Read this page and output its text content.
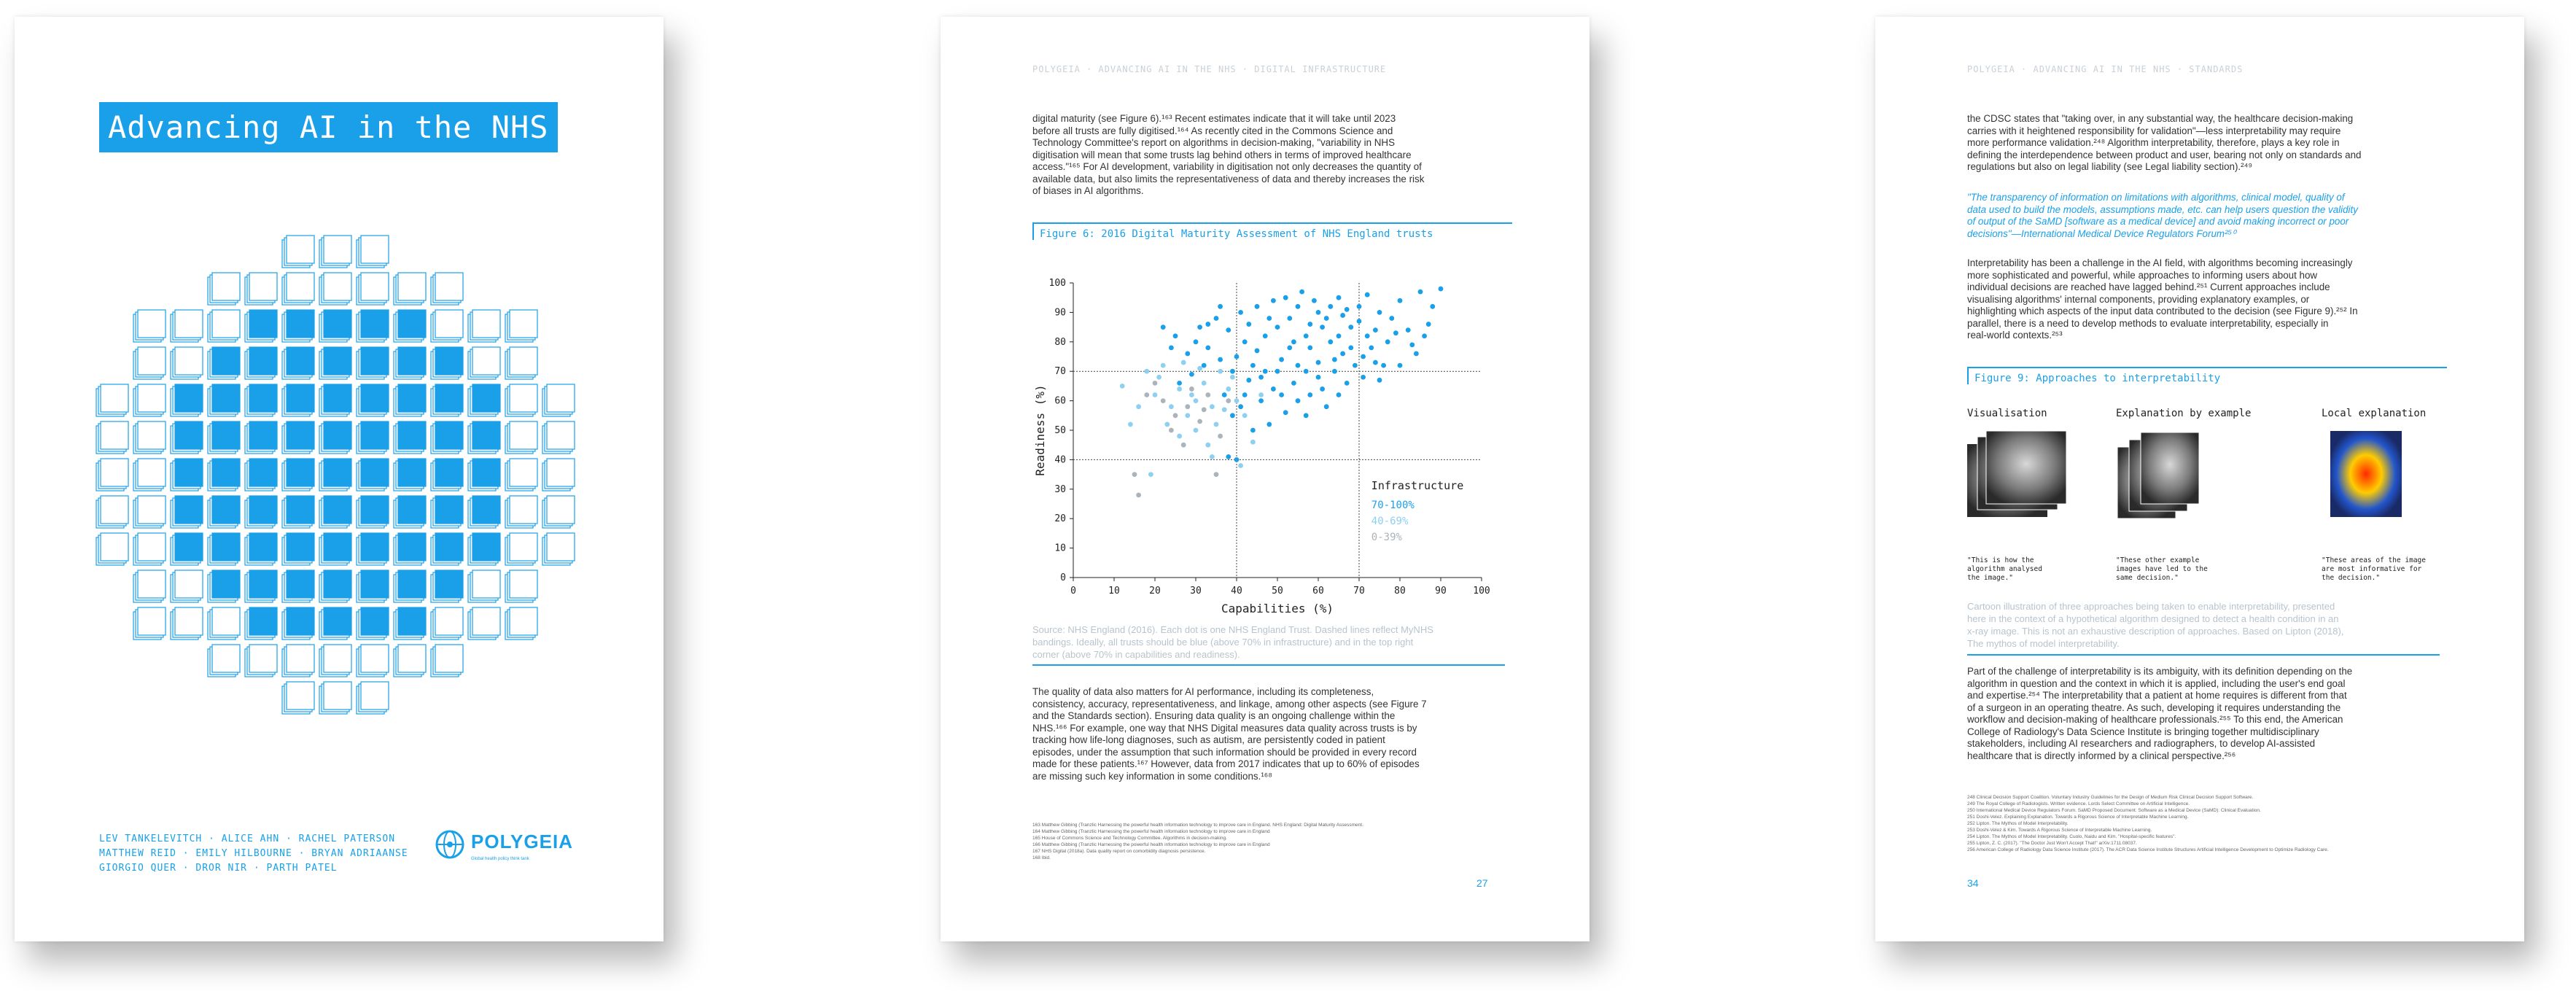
Advancing AI in the NHS
LEV TANKELEVITCH · ALICE AHN · RACHEL PATERSON
MATTHEW REID · EMILY HILBOURNE · BRYAN ADRIAANSE
GIORGIO QUER · DROR NIR · PARTH PATEL
POLYGEIA
Global health policy think tank
POLYGEIA · ADVANCING AI IN THE NHS · DIGITAL INFRASTRUCTURE
digital maturity (see Figure 6).¹⁶³ Recent estimates indicate that it will take until 2023
before all trusts are fully digitised.¹⁶⁴ As recently cited in the Commons Science and
Technology Committee's report on algorithms in decision-making, "variability in NHS
digitisation will mean that some trusts lag behind others in terms of improved healthcare
access."¹⁶⁵ For AI development, variability in digitisation not only decreases the quantity of
available data, but also limits the representativeness of data and thereby increases the risk
of biases in AI algorithms.
Figure 6: 2016 Digital Maturity Assessment of NHS England trusts
0	10	20	30	40	50	60	70	80	90	100
0
10
20
30
40
50
60
70
80
90
100
Capabilities (%)
Readiness (%)
Infrastructure
70-100%
40-69%
0-39%
Source: NHS England (2016). Each dot is one NHS England Trust. Dashed lines reflect MyNHS
bandings. Ideally, all trusts should be blue (above 70% in infrastructure) and in the top right
corner (above 70% in capabilities and readiness).
The quality of data also matters for AI performance, including its completeness,
consistency, accuracy, representativeness, and linkage, among other aspects (see Figure 7
and the Standards section). Ensuring data quality is an ongoing challenge within the
NHS.¹⁶⁶ For example, one way that NHS Digital measures data quality across trusts is by
tracking how life-long diagnoses, such as autism, are persistently coded in patient
episodes, under the assumption that such information should be provided in every record
made for these patients.¹⁶⁷ However, data from 2017 indicates that up to 60% of episodes
are missing such key information in some conditions.¹⁶⁸
163 Matthew Gibbing (Tranzlic Harnessing the powerful health information technology to improve care in England. NHS England: Digital Maturity Assessment.
164 Matthew Gibbing (Tranzlic Harnessing the powerful health information technology to improve care in England
165 House of Commons Science and Technology Committee. Algorithms in decision-making.
166 Matthew Gibbing (Tranzlic Harnessing the powerful health information technology to improve care in England
167 NHS Digital (2018a). Data quality report on comorbidity diagnosis persistence.
168 Ibid.
27
POLYGEIA · ADVANCING AI IN THE NHS · STANDARDS
the CDSC states that "taking over, in any substantial way, the healthcare decision-making
carries with it heightened responsibility for validation"—less interpretability may require
more performance validation.²⁴⁸ Algorithm interpretability, therefore, plays a key role in
defining the interdependence between product and user, bearing not only on standards and
regulations but also on legal liability (see Legal liability section).²⁴⁹
"The transparency of information on limitations with algorithms, clinical model, quality of
data used to build the models, assumptions made, etc. can help users question the validity
of output of the SaMD [software as a medical device] and avoid making incorrect or poor
decisions"—International Medical Device Regulators Forum²⁵⁰
Interpretability has been a challenge in the AI field, with algorithms becoming increasingly
more sophisticated and powerful, while approaches to informing users about how
individual decisions are reached have lagged behind.²⁵¹ Current approaches include
visualising algorithms' internal components, providing explanatory examples, or
highlighting which aspects of the input data contributed to the decision (see Figure 9).²⁵² In
parallel, there is a need to develop methods to evaluate interpretability, especially in
real-world contexts.²⁵³
Figure 9: Approaches to interpretability
Visualisation	Explanation by example	Local explanation
"This is how the
algorithm analysed
the image."
"These other example
images have led to the
same decision."
"These areas of the image
are most informative for
the decision."
Cartoon illustration of three approaches being taken to enable interpretability, presented
here in the context of a hypothetical algorithm designed to detect a health condition in an
x-ray image. This is not an exhaustive description of approaches. Based on Lipton (2018),
The mythos of model interpretability.
Part of the challenge of interpretability is its ambiguity, with its definition depending on the
algorithm in question and the context in which it is applied, including the user's end goal
and expertise.²⁵⁴ The interpretability that a patient at home requires is different from that
of a surgeon in an operating theatre. As such, developing it requires understanding the
workflow and decision-making of healthcare professionals.²⁵⁵ To this end, the American
College of Radiology's Data Science Institute is bringing together multidisciplinary
stakeholders, including AI researchers and radiographers, to develop AI-assisted
healthcare that is directly informed by a clinical perspective.²⁵⁶
248 Clinical Decision Support Coalition. Voluntary Industry Guidelines for the Design of Medium Risk Clinical Decision Support Software.
249 The Royal College of Radiologists. Written evidence. Lords Select Committee on Artificial Intelligence.
250 International Medical Device Regulators Forum. SaMD Proposed Document. Software as a Medical Device (SaMD): Clinical Evaluation.
251 Doshi-Velez. Explaining Explanation. Towards a Rigorous Science of Interpretable Machine Learning.
252 Lipton. The Mythos of Model Interpretability.
253 Doshi-Velez & Kim. Towards A Rigorous Science of Interpretable Machine Learning.
254 Lipton. The Mythos of Model Interpretability. Cuolo, Naidu and Kim. "Hospital-specific features".
255 Lipton, Z. C. (2017). "The Doctor Just Won't Accept That!" arXiv:1711.08037.
256 American College of Radiology Data Science Institute (2017). The ACR Data Science Institute Structures Artificial Intelligence Development to Optimize Radiology Care.
34
